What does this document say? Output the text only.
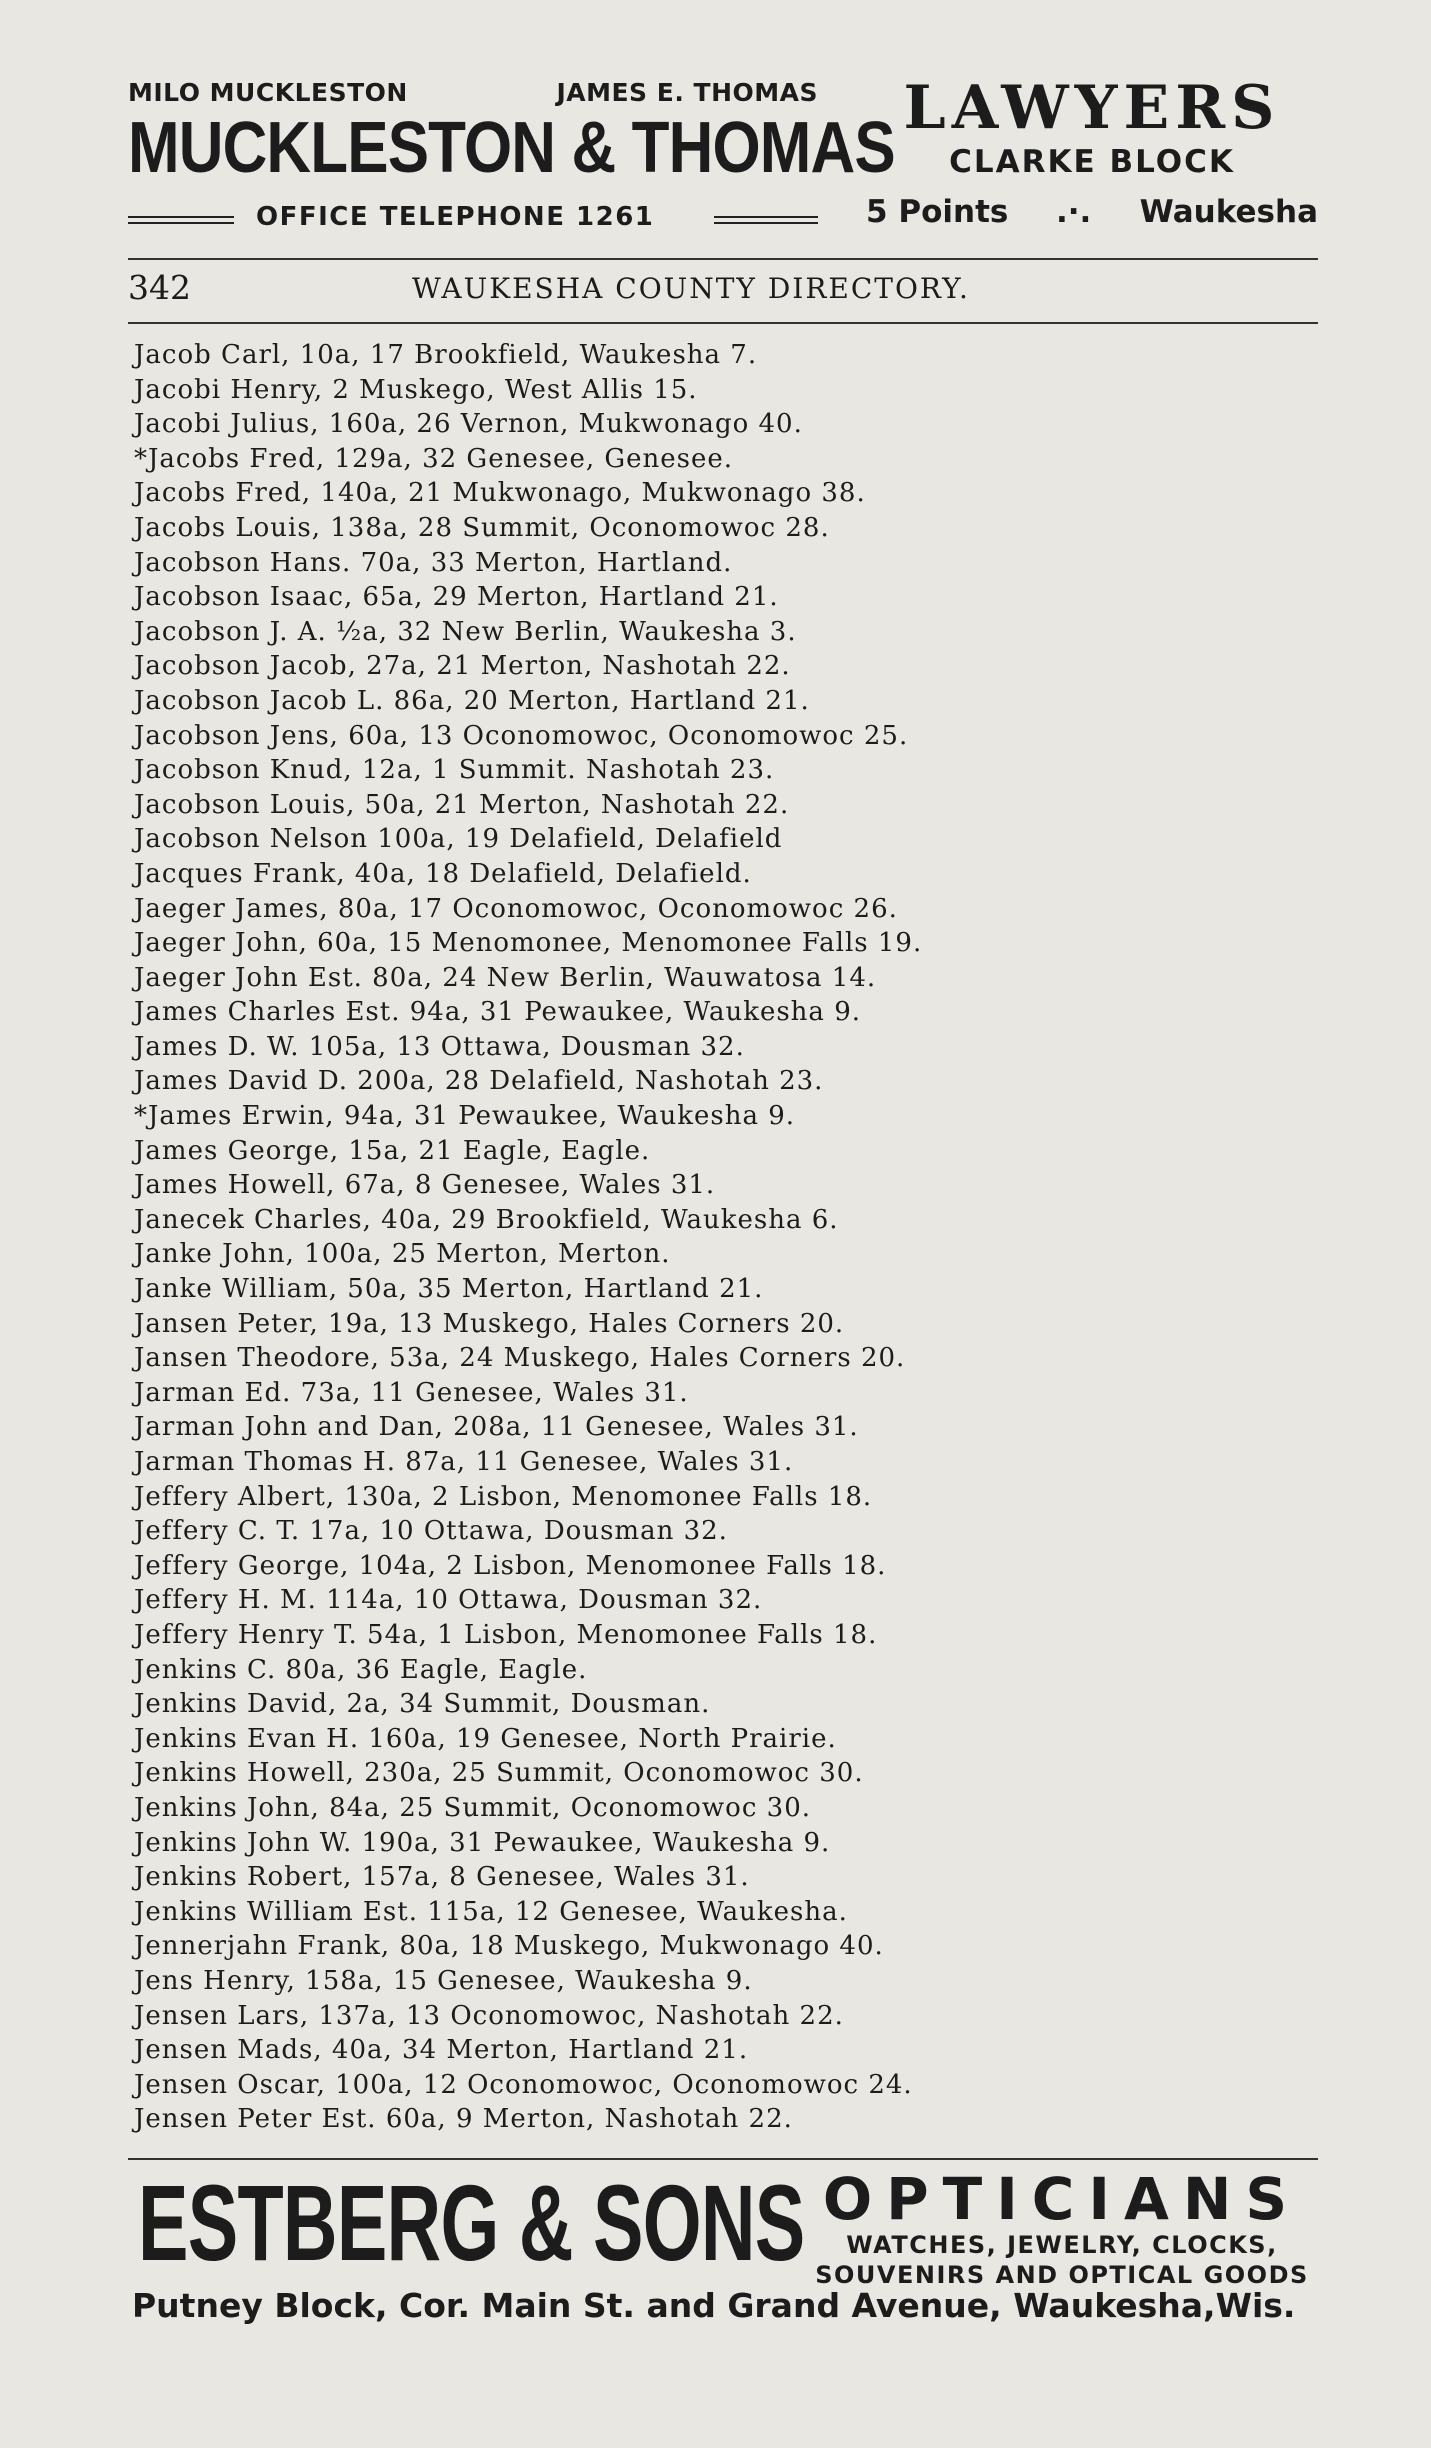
MILO MUCKLESTON	JAMES E. THOMAS
MUCKLESTON & THOMAS
OFFICE TELEPHONE 1261
LAWYERS
CLARKE BLOCK
5 Points .·. Waukesha
342	WAUKESHA COUNTY DIRECTORY.
Jacob Carl, 10a, 17 Brookfield, Waukesha 7.
Jacobi Henry, 2 Muskego, West Allis 15.
Jacobi Julius, 160a, 26 Vernon, Mukwonago 40.
*Jacobs Fred, 129a, 32 Genesee, Genesee.
Jacobs Fred, 140a, 21 Mukwonago, Mukwonago 38.
Jacobs Louis, 138a, 28 Summit, Oconomowoc 28.
Jacobson Hans. 70a, 33 Merton, Hartland.
Jacobson Isaac, 65a, 29 Merton, Hartland 21.
Jacobson J. A. ½a, 32 New Berlin, Waukesha 3.
Jacobson Jacob, 27a, 21 Merton, Nashotah 22.
Jacobson Jacob L. 86a, 20 Merton, Hartland 21.
Jacobson Jens, 60a, 13 Oconomowoc, Oconomowoc 25.
Jacobson Knud, 12a, 1 Summit. Nashotah 23.
Jacobson Louis, 50a, 21 Merton, Nashotah 22.
Jacobson Nelson 100a, 19 Delafield, Delafield
Jacques Frank, 40a, 18 Delafield, Delafield.
Jaeger James, 80a, 17 Oconomowoc, Oconomowoc 26.
Jaeger John, 60a, 15 Menomonee, Menomonee Falls 19.
Jaeger John Est. 80a, 24 New Berlin, Wauwatosa 14.
James Charles Est. 94a, 31 Pewaukee, Waukesha 9.
James D. W. 105a, 13 Ottawa, Dousman 32.
James David D. 200a, 28 Delafield, Nashotah 23.
*James Erwin, 94a, 31 Pewaukee, Waukesha 9.
James George, 15a, 21 Eagle, Eagle.
James Howell, 67a, 8 Genesee, Wales 31.
Janecek Charles, 40a, 29 Brookfield, Waukesha 6.
Janke John, 100a, 25 Merton, Merton.
Janke William, 50a, 35 Merton, Hartland 21.
Jansen Peter, 19a, 13 Muskego, Hales Corners 20.
Jansen Theodore, 53a, 24 Muskego, Hales Corners 20.
Jarman Ed. 73a, 11 Genesee, Wales 31.
Jarman John and Dan, 208a, 11 Genesee, Wales 31.
Jarman Thomas H. 87a, 11 Genesee, Wales 31.
Jeffery Albert, 130a, 2 Lisbon, Menomonee Falls 18.
Jeffery C. T. 17a, 10 Ottawa, Dousman 32.
Jeffery George, 104a, 2 Lisbon, Menomonee Falls 18.
Jeffery H. M. 114a, 10 Ottawa, Dousman 32.
Jeffery Henry T. 54a, 1 Lisbon, Menomonee Falls 18.
Jenkins C. 80a, 36 Eagle, Eagle.
Jenkins David, 2a, 34 Summit, Dousman.
Jenkins Evan H. 160a, 19 Genesee, North Prairie.
Jenkins Howell, 230a, 25 Summit, Oconomowoc 30.
Jenkins John, 84a, 25 Summit, Oconomowoc 30.
Jenkins John W. 190a, 31 Pewaukee, Waukesha 9.
Jenkins Robert, 157a, 8 Genesee, Wales 31.
Jenkins William Est. 115a, 12 Genesee, Waukesha.
Jennerjahn Frank, 80a, 18 Muskego, Mukwonago 40.
Jens Henry, 158a, 15 Genesee, Waukesha 9.
Jensen Lars, 137a, 13 Oconomowoc, Nashotah 22.
Jensen Mads, 40a, 34 Merton, Hartland 21.
Jensen Oscar, 100a, 12 Oconomowoc, Oconomowoc 24.
Jensen Peter Est. 60a, 9 Merton, Nashotah 22.
ESTBERG & SONS OPTICIANS
WATCHES, JEWELRY, CLOCKS,
SOUVENIRS AND OPTICAL GOODS
Putney Block, Cor. Main St. and Grand Avenue, Waukesha,Wis.
